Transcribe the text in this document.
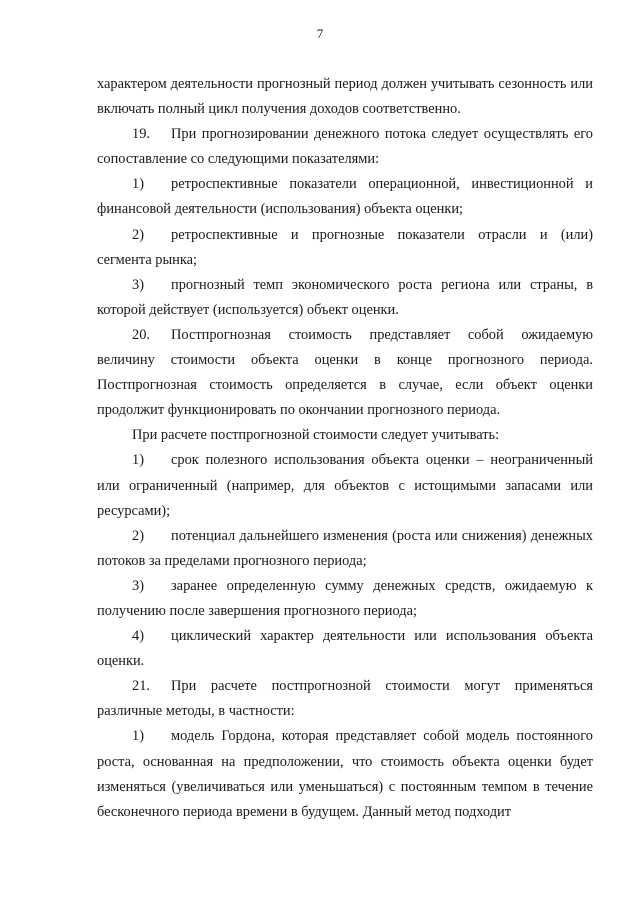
7

характером деятельности прогнозный период должен учитывать сезонность или включать полный цикл получения доходов соответственно.

19. При прогнозировании денежного потока следует осуществлять его сопоставление со следующими показателями:

1) ретроспективные показатели операционной, инвестиционной и финансовой деятельности (использования) объекта оценки;

2) ретроспективные и прогнозные показатели отрасли и (или) сегмента рынка;

3) прогнозный темп экономического роста региона или страны, в которой действует (используется) объект оценки.

20. Постпрогнозная стоимость представляет собой ожидаемую величину стоимости объекта оценки в конце прогнозного периода. Постпрогнозная стоимость определяется в случае, если объект оценки продолжит функционировать по окончании прогнозного периода.

При расчете постпрогнозной стоимости следует учитывать:

1) срок полезного использования объекта оценки – неограниченный или ограниченный (например, для объектов с истощимыми запасами или ресурсами);

2) потенциал дальнейшего изменения (роста или снижения) денежных потоков за пределами прогнозного периода;

3) заранее определенную сумму денежных средств, ожидаемую к получению после завершения прогнозного периода;

4) циклический характер деятельности или использования объекта оценки.

21. При расчете постпрогнозной стоимости могут применяться различные методы, в частности:

1) модель Гордона, которая представляет собой модель постоянного роста, основанная на предположении, что стоимость объекта оценки будет изменяться (увеличиваться или уменьшаться) с постоянным темпом в течение бесконечного периода времени в будущем. Данный метод подходит
